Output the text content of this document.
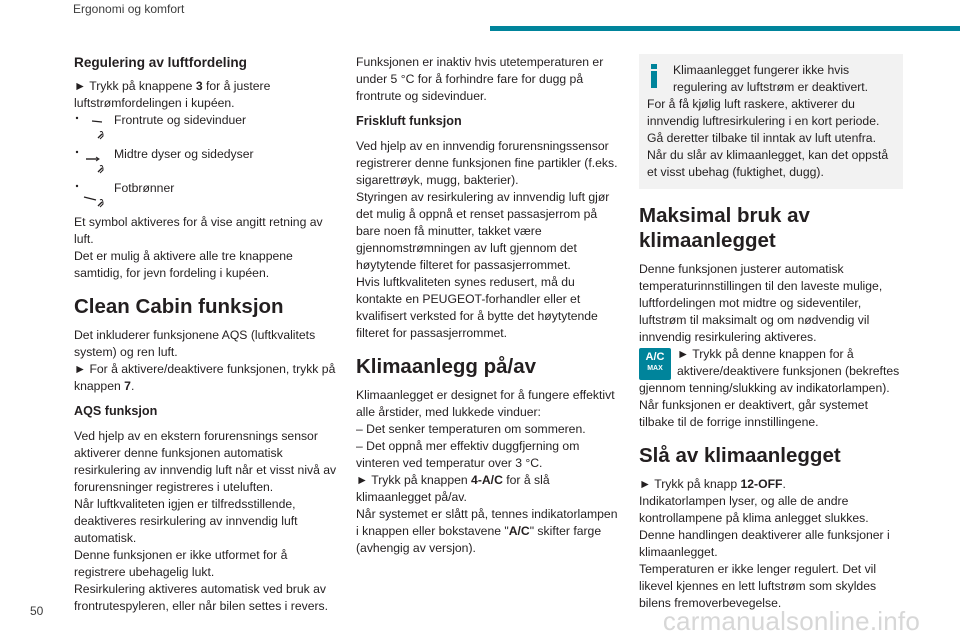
Ergonomi og komfort
Regulering av luftfordeling

► Trykk på knappene 3 for å justere luftstrømfordelingen i kupéen.

Frontrute og sidevinduer
Midtre dyser og sidedyser
Fotbrønner

Et symbol aktiveres for å vise angitt retning av luft.

Det er mulig å aktivere alle tre knappene samtidig, for jevn fordeling i kupéen.

Clean Cabin funksjon

Det inkluderer funksjonene AQS (luftkvalitets system) og ren luft.

► For å aktivere/deaktivere funksjonen, trykk på knappen 7.

AQS funksjon

Ved hjelp av en ekstern forurensnings sensor aktiverer denne funksjonen automatisk resirkulering av innvendig luft når et visst nivå av forurensninger registreres i uteluften.

Når luftkvaliteten igjen er tilfredsstillende, deaktiveres resirkulering av innvendig luft automatisk.

Denne funksjonen er ikke utformet for å registrere ubehagelig lukt.

Resirkulering aktiveres automatisk ved bruk av frontrutespyleren, eller når bilen settes i revers.

Funksjonen er inaktiv hvis utetemperaturen er under 5 °C for å forhindre fare for dugg på frontrute og sidevinduer.

Friskluft funksjon

Ved hjelp av en innvendig forurensningssensor registrerer denne funksjonen fine partikler (f.eks. sigarettrøyk, mugg, bakterier).

Styringen av resirkulering av innvendig luft gjør det mulig å oppnå et renset passasjerrom på bare noen få minutter, takket være gjennomstrømningen av luft gjennom det høytytende filteret for passasjerrommet.

Hvis luftkvaliteten synes redusert, må du kontakte en PEUGEOT-forhandler eller et kvalifisert verksted for å bytte det høytytende filteret for passasjerrommet.

Klimaanlegg på/av

Klimaanlegget er designet for å fungere effektivt alle årstider, med lukkede vinduer:

– Det senker temperaturen om sommeren.

– Det oppnå mer effektiv duggfjerning om vinteren ved temperatur over 3 °C.

► Trykk på knappen 4-A/C for å slå klimaanlegget på/av.

Når systemet er slått på, tennes indikatorlampen i knappen eller bokstavene "A/C" skifter farge (avhengig av versjon).

Klimaanlegget fungerer ikke hvis regulering av luftstrøm er deaktivert.

For å få kjølig luft raskere, aktiverer du innvendig luftresirkulering i en kort periode. Gå deretter tilbake til inntak av luft utenfra.

Når du slår av klimaanlegget, kan det oppstå et visst ubehag (fuktighet, dugg).

Maksimal bruk av klimaanlegget

Denne funksjonen justerer automatisk temperaturinnstillingen til den laveste mulige, luftfordelingen mot midtre og sideventiler, luftstrøm til maksimalt og om nødvendig vil innvendig resirkulering aktiveres.

A/C
MAX

► Trykk på denne knappen for å aktivere/deaktivere funksjonen (bekreftes gjennom tenning/slukking av indikatorlampen).

Når funksjonen er deaktivert, går systemet tilbake til de forrige innstillingene.

Slå av klimaanlegget

► Trykk på knapp 12-OFF.

Indikatorlampen lyser, og alle de andre kontrollampene på klima anlegget slukkes.

Denne handlingen deaktiverer alle funksjoner i klimaanlegget.

Temperaturen er ikke lenger regulert. Det vil likevel kjennes en lett luftstrøm som skyldes bilens fremoverbevegelse.

50	carmanualsonline.info
